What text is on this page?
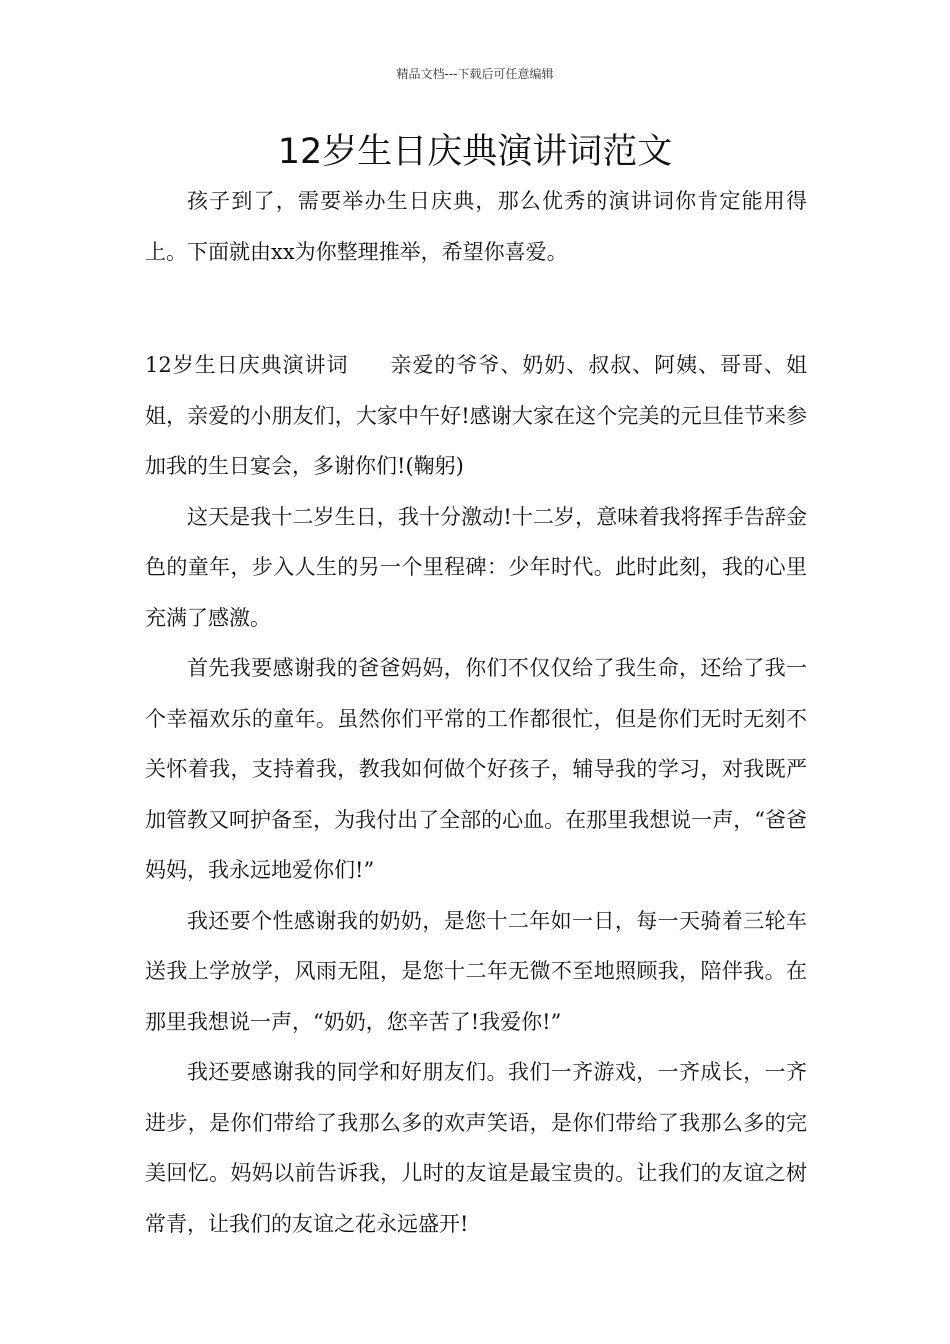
精品文档---下载后可任意编辑
12岁生日庆典演讲词范文

孩子到了，需要举办生日庆典，那么优秀的演讲词你肯定能用得上。下面就由xx为你整理推举，希望你喜爱。

12岁生日庆典演讲词 亲爱的爷爷、奶奶、叔叔、阿姨、哥哥、姐姐，亲爱的小朋友们，大家中午好!感谢大家在这个完美的元旦佳节来参加我的生日宴会，多谢你们!(鞠躬)

这天是我十二岁生日，我十分激动!十二岁，意味着我将挥手告辞金色的童年，步入人生的另一个里程碑：少年时代。此时此刻，我的心里充满了感激。

首先我要感谢我的爸爸妈妈，你们不仅仅给了我生命，还给了我一个幸福欢乐的童年。虽然你们平常的工作都很忙，但是你们无时无刻不关怀着我，支持着我，教我如何做个好孩子，辅导我的学习，对我既严加管教又呵护备至，为我付出了全部的心血。在那里我想说一声，“爸爸妈妈，我永远地爱你们!”

我还要个性感谢我的奶奶，是您十二年如一日，每一天骑着三轮车送我上学放学，风雨无阻，是您十二年无微不至地照顾我，陪伴我。在那里我想说一声，“奶奶，您辛苦了!我爱你!”

我还要感谢我的同学和好朋友们。我们一齐游戏，一齐成长，一齐进步，是你们带给了我那么多的欢声笑语，是你们带给了我那么多的完美回忆。妈妈以前告诉我，儿时的友谊是最宝贵的。让我们的友谊之树常青，让我们的友谊之花永远盛开!
